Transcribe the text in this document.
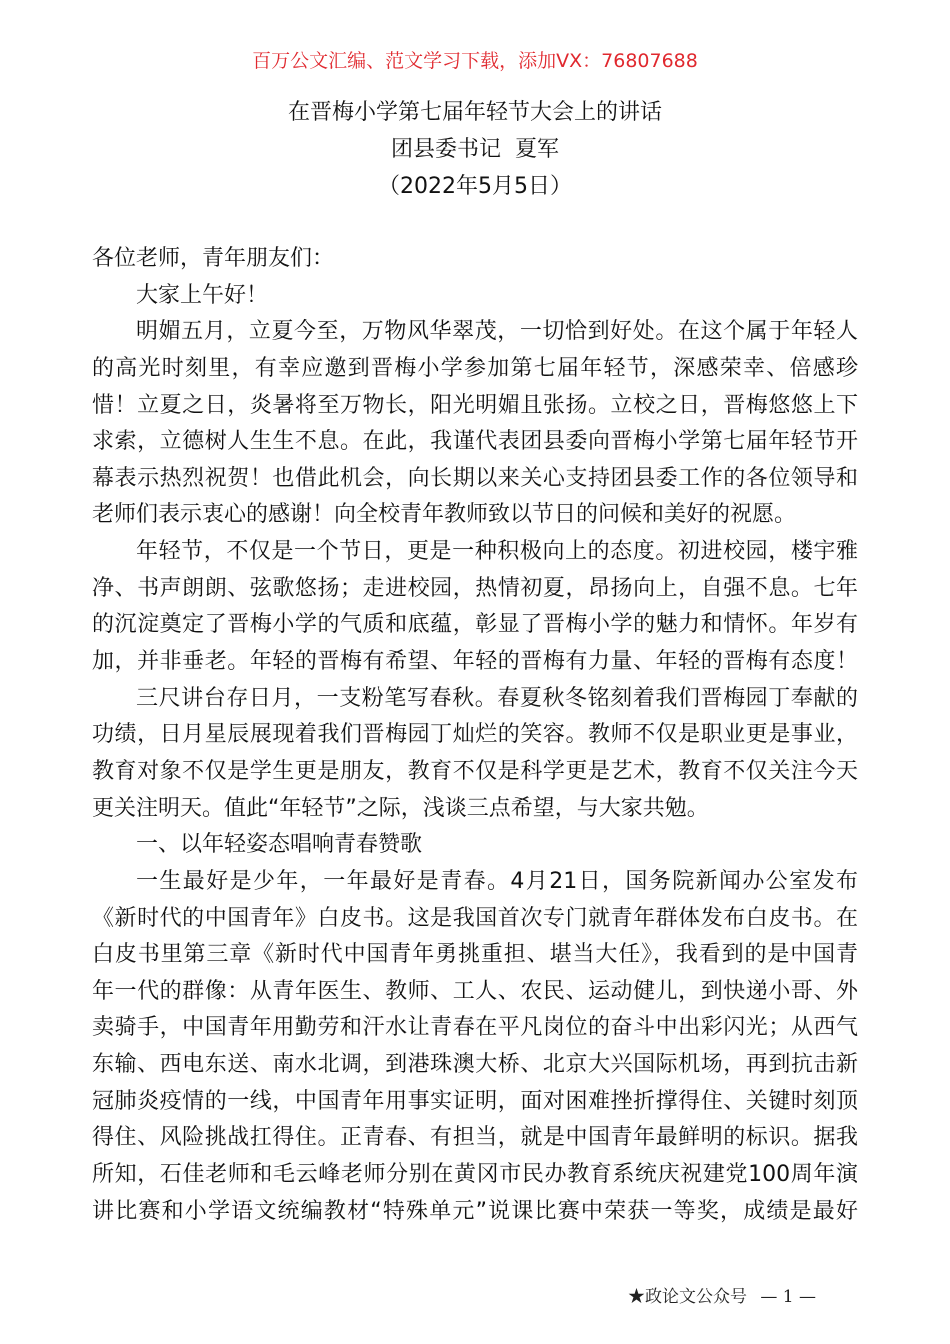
百万公文汇编、范文学习下载，添加VX：76807688
在晋梅小学第七届年轻节大会上的讲话
团县委书记  夏军
（2022年5月5日）
各位老师，青年朋友们：
大家上午好！
明媚五月，立夏今至，万物风华翠茂，一切恰到好处。在这个属于年轻人
的高光时刻里，有幸应邀到晋梅小学参加第七届年轻节，深感荣幸、倍感珍
惜！立夏之日，炎暑将至万物长，阳光明媚且张扬。立校之日，晋梅悠悠上下
求索，立德树人生生不息。在此，我谨代表团县委向晋梅小学第七届年轻节开
幕表示热烈祝贺！也借此机会，向长期以来关心支持团县委工作的各位领导和
老师们表示衷心的感谢！向全校青年教师致以节日的问候和美好的祝愿。
年轻节，不仅是一个节日，更是一种积极向上的态度。初进校园，楼宇雅
净、书声朗朗、弦歌悠扬；走进校园，热情初夏，昂扬向上，自强不息。七年
的沉淀奠定了晋梅小学的气质和底蕴，彰显了晋梅小学的魅力和情怀。年岁有
加，并非垂老。年轻的晋梅有希望、年轻的晋梅有力量、年轻的晋梅有态度！
三尺讲台存日月，一支粉笔写春秋。春夏秋冬铭刻着我们晋梅园丁奉献的
功绩，日月星辰展现着我们晋梅园丁灿烂的笑容。教师不仅是职业更是事业，
教育对象不仅是学生更是朋友，教育不仅是科学更是艺术，教育不仅关注今天
更关注明天。值此“年轻节”之际，浅谈三点希望，与大家共勉。
一、以年轻姿态唱响青春赞歌
一生最好是少年，一年最好是青春。4月21日，国务院新闻办公室发布
《新时代的中国青年》白皮书。这是我国首次专门就青年群体发布白皮书。在
白皮书里第三章《新时代中国青年勇挑重担、堪当大任》，我看到的是中国青
年一代的群像：从青年医生、教师、工人、农民、运动健儿，到快递小哥、外
卖骑手，中国青年用勤劳和汗水让青春在平凡岗位的奋斗中出彩闪光；从西气
东输、西电东送、南水北调，到港珠澳大桥、北京大兴国际机场，再到抗击新
冠肺炎疫情的一线，中国青年用事实证明，面对困难挫折撑得住、关键时刻顶
得住、风险挑战扛得住。正青春、有担当，就是中国青年最鲜明的标识。据我
所知，石佳老师和毛云峰老师分别在黄冈市民办教育系统庆祝建党100周年演
讲比赛和小学语文统编教材“特殊单元”说课比赛中荣获一等奖，成绩是最好
★政论文公众号 — 1 —
